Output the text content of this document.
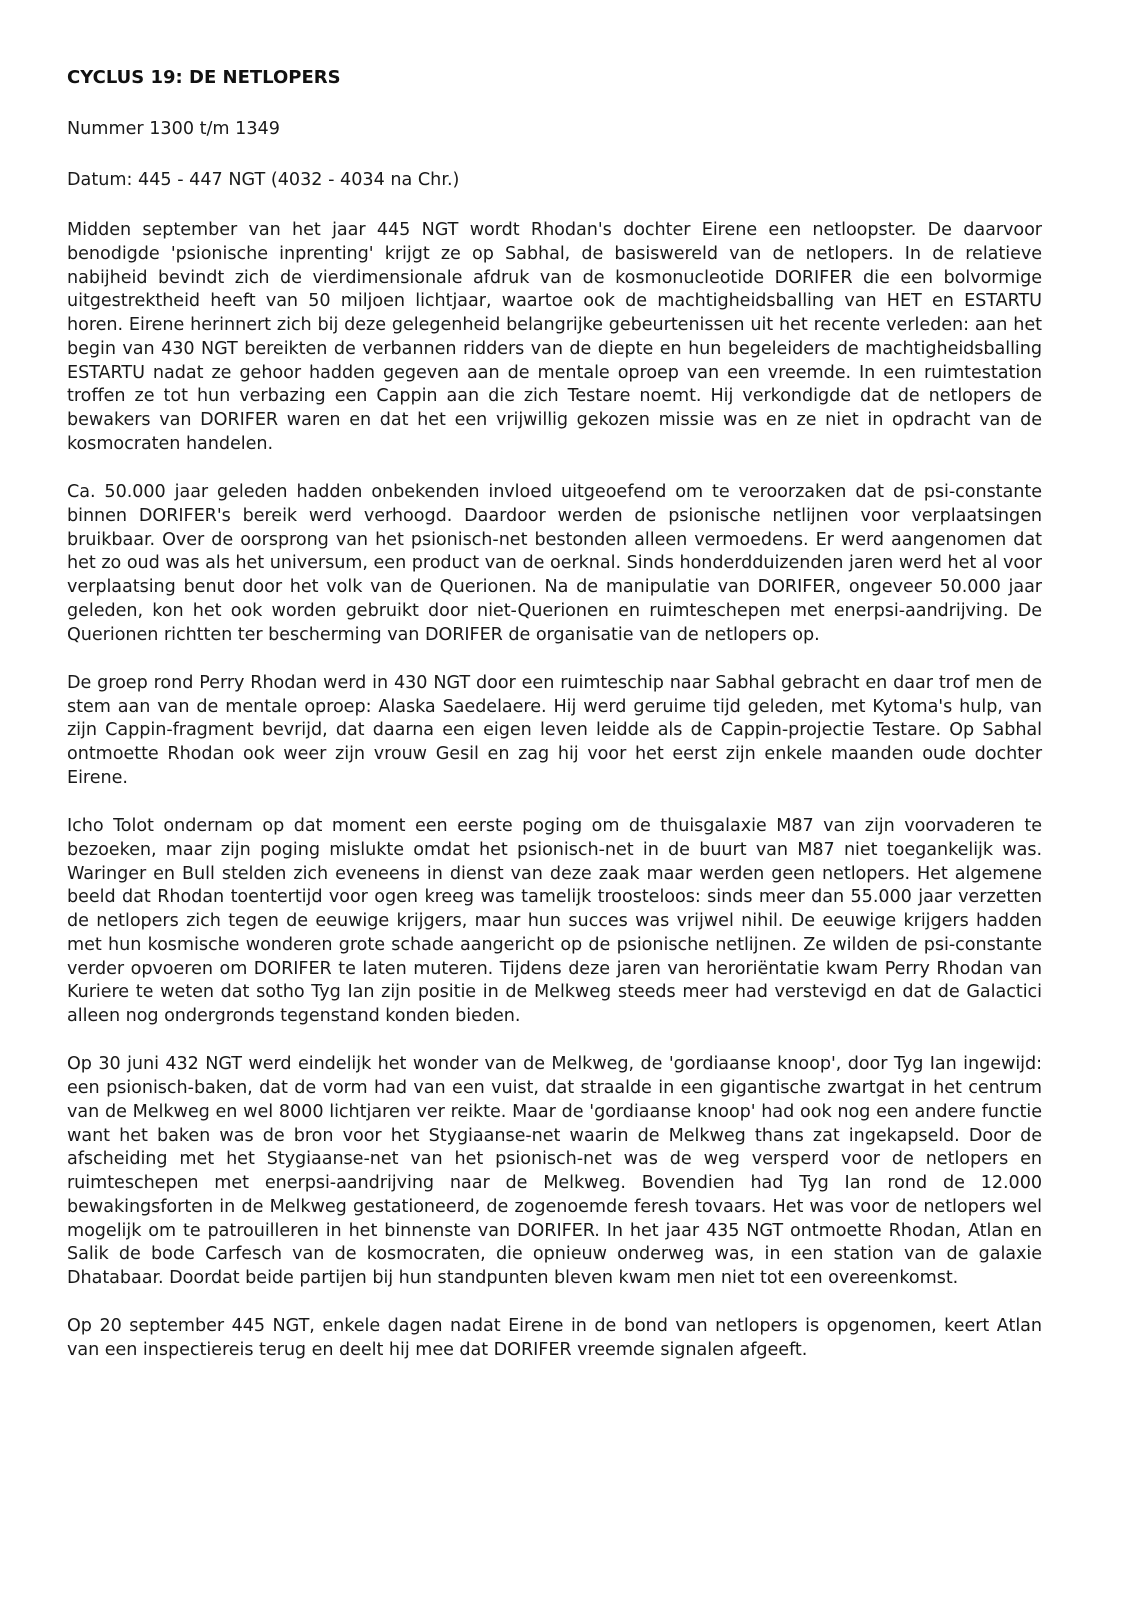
CYCLUS 19: DE NETLOPERS
Nummer 1300 t/m 1349
Datum: 445 - 447 NGT (4032 - 4034 na Chr.)

Midden september van het jaar 445 NGT wordt Rhodan's dochter Eirene een netloopster. De daarvoor benodigde 'psionische inprenting' krijgt ze op Sabhal, de basiswereld van de netlopers. In de relatieve nabijheid bevindt zich de vierdimensionale afdruk van de kosmonucleotide DORIFER die een bolvormige uitgestrektheid heeft van 50 miljoen lichtjaar, waartoe ook de machtigheidsballing van HET en ESTARTU horen. Eirene herinnert zich bij deze gelegenheid belangrijke gebeurtenissen uit het recente verleden: aan het begin van 430 NGT bereikten de verbannen ridders van de diepte en hun begeleiders de machtigheidsballing ESTARTU nadat ze gehoor hadden gegeven aan de mentale oproep van een vreemde. In een ruimtestation troffen ze tot hun verbazing een Cappin aan die zich Testare noemt. Hij verkondigde dat de netlopers de bewakers van DORIFER waren en dat het een vrijwillig gekozen missie was en ze niet in opdracht van de kosmocraten handelen.

Ca. 50.000 jaar geleden hadden onbekenden invloed uitgeoefend om te veroorzaken dat de psi-constante binnen DORIFER's bereik werd verhoogd. Daardoor werden de psionische netlijnen voor verplaatsingen bruikbaar. Over de oorsprong van het psionisch-net bestonden alleen vermoedens. Er werd aangenomen dat het zo oud was als het universum, een product van de oerknal. Sinds honderdduizenden jaren werd het al voor verplaatsing benut door het volk van de Querionen. Na de manipulatie van DORIFER, ongeveer 50.000 jaar geleden, kon het ook worden gebruikt door niet-Querionen en ruimteschepen met enerpsi-aandrijving. De Querionen richtten ter bescherming van DORIFER de organisatie van de netlopers op.

De groep rond Perry Rhodan werd in 430 NGT door een ruimteschip naar Sabhal gebracht en daar trof men de stem aan van de mentale oproep: Alaska Saedelaere. Hij werd geruime tijd geleden, met Kytoma's hulp, van zijn Cappin-fragment bevrijd, dat daarna een eigen leven leidde als de Cappin-projectie Testare. Op Sabhal ontmoette Rhodan ook weer zijn vrouw Gesil en zag hij voor het eerst zijn enkele maanden oude dochter Eirene.

Icho Tolot ondernam op dat moment een eerste poging om de thuisgalaxie M87 van zijn voorvaderen te bezoeken, maar zijn poging mislukte omdat het psionisch-net in de buurt van M87 niet toegankelijk was. Waringer en Bull stelden zich eveneens in dienst van deze zaak maar werden geen netlopers. Het algemene beeld dat Rhodan toentertijd voor ogen kreeg was tamelijk troosteloos: sinds meer dan 55.000 jaar verzetten de netlopers zich tegen de eeuwige krijgers, maar hun succes was vrijwel nihil. De eeuwige krijgers hadden met hun kosmische wonderen grote schade aangericht op de psionische netlijnen. Ze wilden de psi-constante verder opvoeren om DORIFER te laten muteren. Tijdens deze jaren van heroriëntatie kwam Perry Rhodan van Kuriere te weten dat sotho Tyg Ian zijn positie in de Melkweg steeds meer had verstevigd en dat de Galactici alleen nog ondergronds tegenstand konden bieden.

Op 30 juni 432 NGT werd eindelijk het wonder van de Melkweg, de 'gordiaanse knoop', door Tyg Ian ingewijd: een psionisch-baken, dat de vorm had van een vuist, dat straalde in een gigantische zwartgat in het centrum van de Melkweg en wel 8000 lichtjaren ver reikte. Maar de 'gordiaanse knoop' had ook nog een andere functie want het baken was de bron voor het Stygiaanse-net waarin de Melkweg thans zat ingekapseld. Door de afscheiding met het Stygiaanse-net van het psionisch-net was de weg versperd voor de netlopers en ruimteschepen met enerpsi-aandrijving naar de Melkweg. Bovendien had Tyg Ian rond de 12.000 bewakingsforten in de Melkweg gestationeerd, de zogenoemde feresh tovaars. Het was voor de netlopers wel mogelijk om te patrouilleren in het binnenste van DORIFER. In het jaar 435 NGT ontmoette Rhodan, Atlan en Salik de bode Carfesch van de kosmocraten, die opnieuw onderweg was, in een station van de galaxie Dhatabaar. Doordat beide partijen bij hun standpunten bleven kwam men niet tot een overeenkomst.

Op 20 september 445 NGT, enkele dagen nadat Eirene in de bond van netlopers is opgenomen, keert Atlan van een inspectiereis terug en deelt hij mee dat DORIFER vreemde signalen afgeeft.
